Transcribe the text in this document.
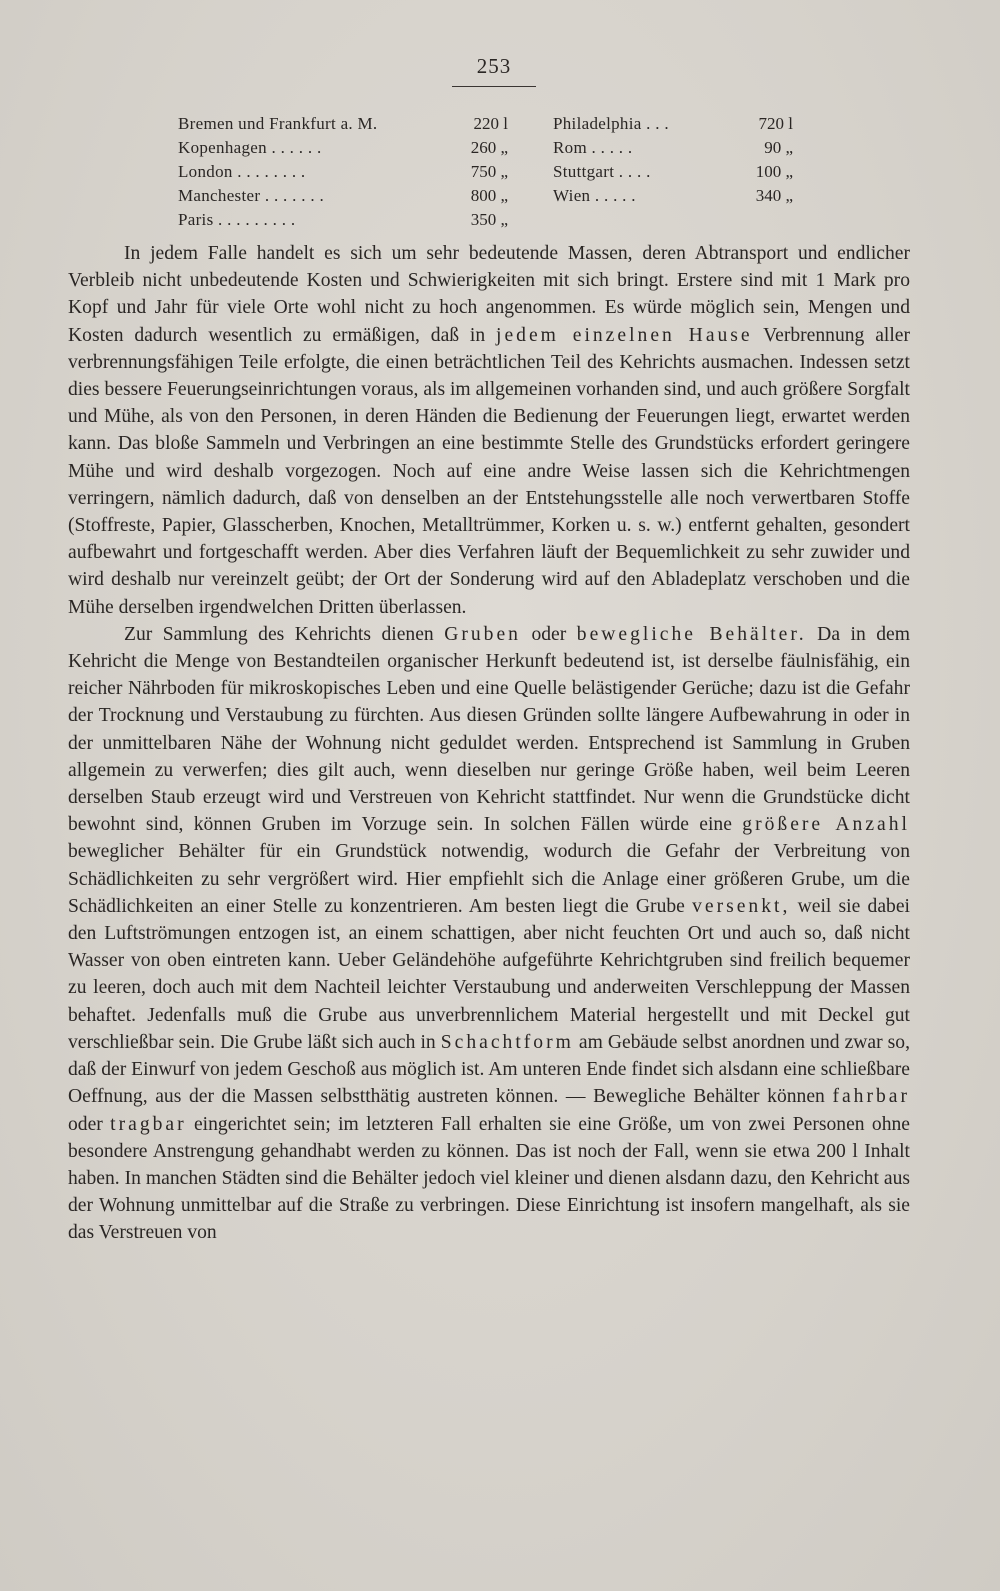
253
Bremen und Frankfurt a. M.	220 l
Kopenhagen . . . . . .	260 „
London . . . . . . . .	750 „
Manchester . . . . . . .	800 „
Paris . . . . . . . . .	350 „
Philadelphia . . .	720 l
Rom . . . . .	90 „
Stuttgart . . . .	100 „
Wien . . . . .	340 „

In jedem Falle handelt es sich um sehr bedeutende Massen, deren Abtransport und endlicher Verbleib nicht unbedeutende Kosten und Schwierigkeiten mit sich bringt. Erstere sind mit 1 Mark pro Kopf und Jahr für viele Orte wohl nicht zu hoch angenommen. Es würde möglich sein, Mengen und Kosten dadurch wesentlich zu ermäßigen, daß in jedem einzelnen Hause Verbrennung aller verbrennungsfähigen Teile erfolgte, die einen beträchtlichen Teil des Kehrichts ausmachen. Indessen setzt dies bessere Feuerungseinrichtungen voraus, als im allgemeinen vorhanden sind, und auch größere Sorgfalt und Mühe, als von den Personen, in deren Händen die Bedienung der Feuerungen liegt, erwartet werden kann. Das bloße Sammeln und Verbringen an eine bestimmte Stelle des Grundstücks erfordert geringere Mühe und wird deshalb vorgezogen. Noch auf eine andre Weise lassen sich die Kehrichtmengen verringern, nämlich dadurch, daß von denselben an der Entstehungsstelle alle noch verwertbaren Stoffe (Stoffreste, Papier, Glasscherben, Knochen, Metalltrümmer, Korken u. s. w.) entfernt gehalten, gesondert aufbewahrt und fortgeschafft werden. Aber dies Verfahren läuft der Bequemlichkeit zu sehr zuwider und wird deshalb nur vereinzelt geübt; der Ort der Sonderung wird auf den Abladeplatz verschoben und die Mühe derselben irgendwelchen Dritten überlassen.

Zur Sammlung des Kehrichts dienen Gruben oder bewegliche Behälter. Da in dem Kehricht die Menge von Bestandteilen organischer Herkunft bedeutend ist, ist derselbe fäulnisfähig, ein reicher Nährboden für mikroskopisches Leben und eine Quelle belästigender Gerüche; dazu ist die Gefahr der Trocknung und Verstaubung zu fürchten. Aus diesen Gründen sollte längere Aufbewahrung in oder in der unmittelbaren Nähe der Wohnung nicht geduldet werden. Entsprechend ist Sammlung in Gruben allgemein zu verwerfen; dies gilt auch, wenn dieselben nur geringe Größe haben, weil beim Leeren derselben Staub erzeugt wird und Verstreuen von Kehricht stattfindet. Nur wenn die Grundstücke dicht bewohnt sind, können Gruben im Vorzuge sein. In solchen Fällen würde eine größere Anzahl beweglicher Behälter für ein Grundstück notwendig, wodurch die Gefahr der Verbreitung von Schädlichkeiten zu sehr vergrößert wird. Hier empfiehlt sich die Anlage einer größeren Grube, um die Schädlichkeiten an einer Stelle zu konzentrieren. Am besten liegt die Grube versenkt, weil sie dabei den Luftströmungen entzogen ist, an einem schattigen, aber nicht feuchten Ort und auch so, daß nicht Wasser von oben eintreten kann. Ueber Geländehöhe aufgeführte Kehrichtgruben sind freilich bequemer zu leeren, doch auch mit dem Nachteil leichter Verstaubung und anderweiten Verschleppung der Massen behaftet. Jedenfalls muß die Grube aus unverbrennlichem Material hergestellt und mit Deckel gut verschließbar sein. Die Grube läßt sich auch in Schachtform am Gebäude selbst anordnen und zwar so, daß der Einwurf von jedem Geschoß aus möglich ist. Am unteren Ende findet sich alsdann eine schließbare Oeffnung, aus der die Massen selbstthätig austreten können. — Bewegliche Behälter können fahrbar oder tragbar eingerichtet sein; im letzteren Fall erhalten sie eine Größe, um von zwei Personen ohne besondere Anstrengung gehandhabt werden zu können. Das ist noch der Fall, wenn sie etwa 200 l Inhalt haben. In manchen Städten sind die Behälter jedoch viel kleiner und dienen alsdann dazu, den Kehricht aus der Wohnung unmittelbar auf die Straße zu verbringen. Diese Einrichtung ist insofern mangelhaft, als sie das Verstreuen von
